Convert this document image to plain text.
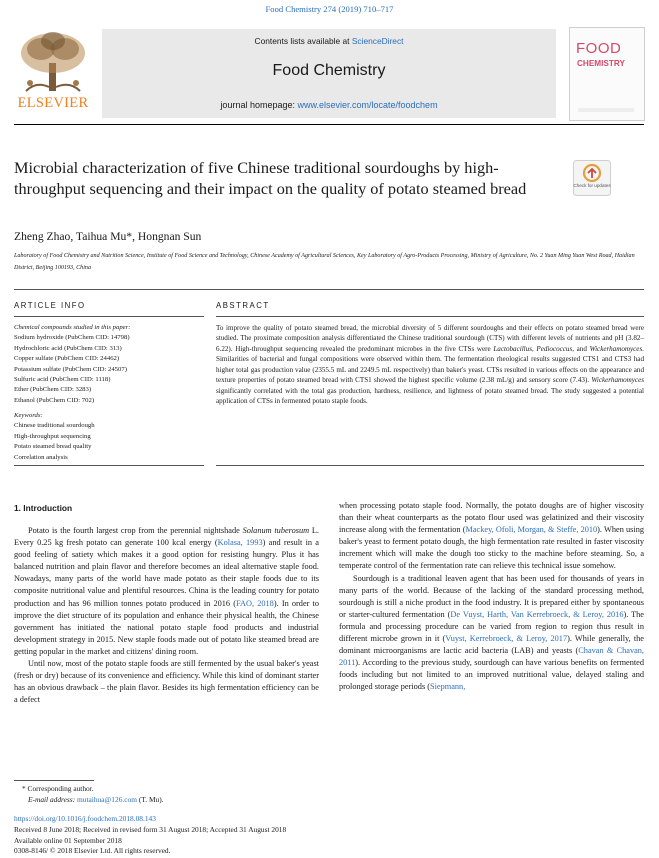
Food Chemistry 274 (2019) 710–717
ELSEVIER
Contents lists available at ScienceDirect
Food Chemistry
journal homepage: www.elsevier.com/locate/foodchem
FOOD
CHEMISTRY
Microbial characterization of five Chinese traditional sourdoughs by high-throughput sequencing and their impact on the quality of potato steamed bread	Check for updates
Zheng Zhao, Taihua Mu*, Hongnan Sun
Laboratory of Food Chemistry and Nutrition Science, Institute of Food Science and Technology, Chinese Academy of Agricultural Sciences, Key Laboratory of Agro-Products Processing, Ministry of Agriculture, No. 2 Yuan Ming Yuan West Road, Haidian District, Beijing 100193, China
ARTICLE INFO	ABSTRACT
Chemical compounds studied in this paper:
Sodium hydroxide (PubChem CID: 14798)
Hydrochloric acid (PubChem CID: 313)
Copper sulfate (PubChem CID: 24462)
Potassium sulfate (PubChem CID: 24507)
Sulfuric acid (PubChem CID: 1118)
Ether (PubChem CID: 3283)
Ethanol (PubChem CID: 702)
Keywords:
Chinese traditional sourdough
High-throughput sequencing
Potato steamed bread quality
Correlation analysis
To improve the quality of potato steamed bread, the microbial diversity of 5 different sourdoughs and their effects on potato steamed bread were studied. The proximate composition analysis differentiated the Chinese traditional sourdough (CTS) with different levels of nutrients and pH (3.82–6.22). High-throughput sequencing revealed the predominant microbes in the five CTSs were Lactobacillus, Pediococcus, and Wickerhamomyces. Similarities of bacterial and fungal compositions were observed within them. The fermentation rheological results suggested CTS1 and CTS3 had higher total gas production value (2355.5 mL and 2249.5 mL respectively) than baker's yeast. CTSs resulted in various effects on the appearance and texture properties of potato steamed bread with CTS1 showed the highest specific volume (2.38 mL/g) and sensory score (7.43). Wickerhamomyces significantly correlated with the total gas production, hardness, resilience, and lightness of potato steamed bread. The study suggested a potential application of CTSs in fermented potato staple foods.
1. Introduction

Potato is the fourth largest crop from the perennial nightshade Solanum tuberosum L. Every 0.25 kg fresh potato can generate 100 kcal energy (Kolasa, 1993) and result in a good feeling of satiety which makes it a good option for resisting hungry. Plus it has balanced nutrition and plain flavor and therefore becomes an ideal alternative staple food. Nowadays, many parts of the world have made potato as their staple foods due to its composite nutritional value and plentiful resources. China is the leading country for potato production and has 96 million tonnes potato produced in 2016 (FAO, 2018). In order to improve the diet structure of its population and enhance their physical health, the Chinese government has initiated the national potato staple food products and industrial development strategy in 2015. New staple foods made out of potato like steamed bread are getting popular in the market and citizens' dining room.

Until now, most of the potato staple foods are still fermented by the usual baker's yeast (fresh or dry) because of its convenience and efficiency. While this kind of dominant starter has an obvious drawback – the plain flavor. Besides its high fermentation efficiency can be a defect

when processing potato staple food. Normally, the potato doughs are of higher viscosity than their wheat counterparts as the potato flour used was gelatinized and their viscosity increase along with the fermentation (Mackey, Ofoli, Morgan, & Steffe, 2010). When using baker's yeast to ferment potato dough, the high fermentation rate resulted in faster viscosity increment which will make the dough too sticky to the machine before steaming. So, a temperate control of the fermentation rate can relieve this technical issue somehow.

Sourdough is a traditional leaven agent that has been used for thousands of years in many parts of the world. Because of the lacking of the standard processing method, sourdough is still a niche product in the food industry. It is prepared either by spontaneous or starter-cultured fermentation (De Vuyst, Harth, Van Kerrebroeck, & Leroy, 2016). The formula and processing procedure can be varied from region to region thus result in different microbe grown in it (Vuyst, Kerrebroeck, & Leroy, 2017). While generally, the dominant microorganisms are lactic acid bacteria (LAB) and yeasts (Chavan & Chavan, 2011). According to the previous study, sourdough can have various benefits on fermented foods including but not limited to an improved nutritional value, delayed staling and prolonged storage periods (Siepmann,

* Corresponding author.
E-mail address: mutaihua@126.com (T. Mu).
https://doi.org/10.1016/j.foodchem.2018.08.143
Received 8 June 2018; Received in revised form 31 August 2018; Accepted 31 August 2018
Available online 01 September 2018
0308-8146/ © 2018 Elsevier Ltd. All rights reserved.
